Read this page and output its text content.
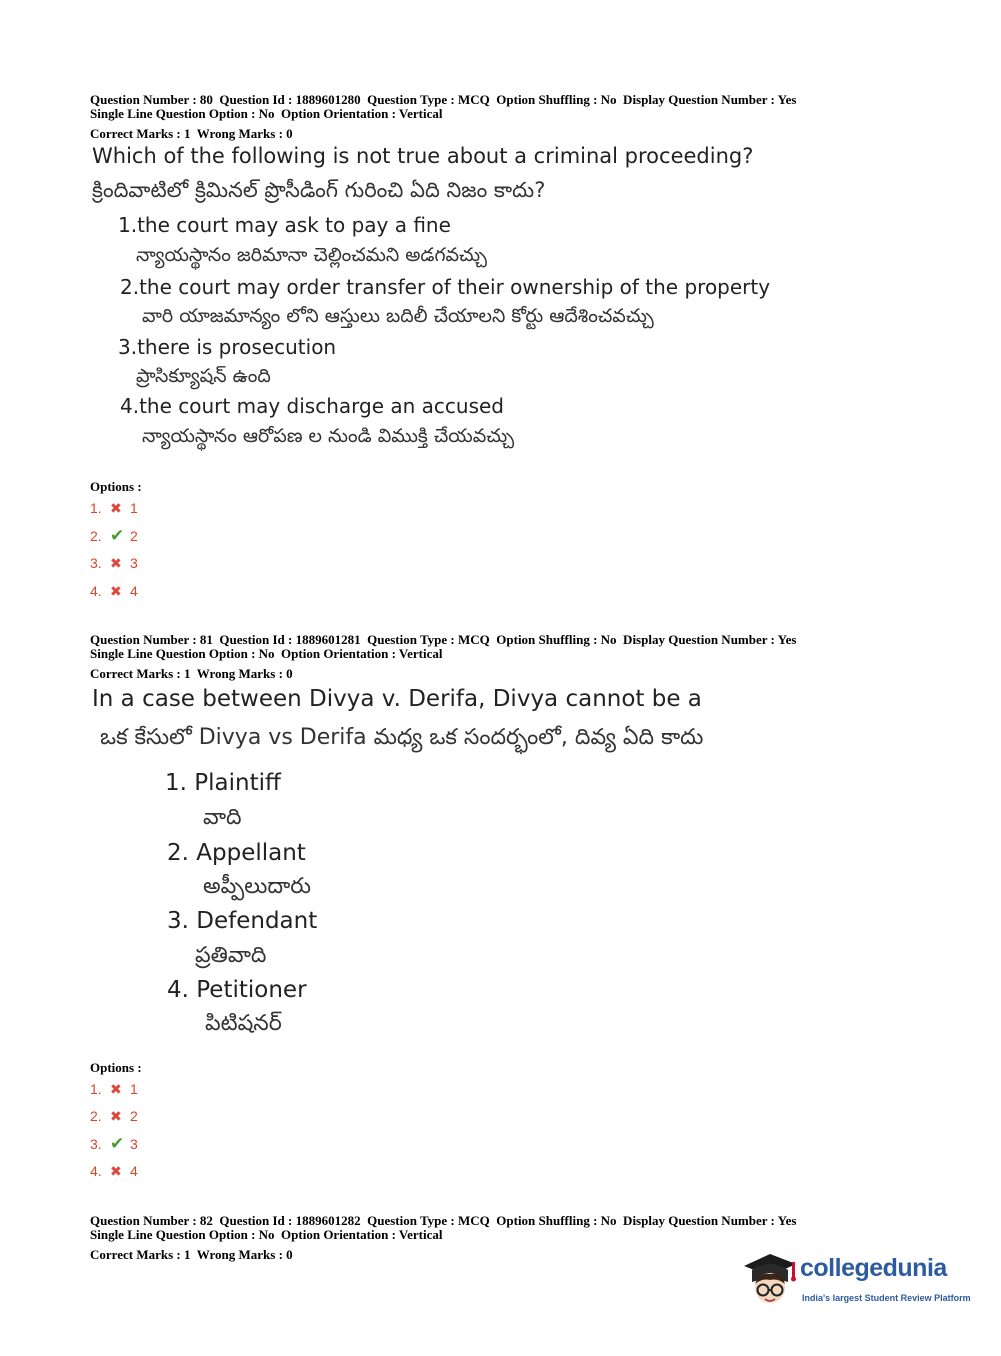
Question Number : 80  Question Id : 1889601280  Question Type : MCQ  Option Shuffling : No  Display Question Number : Yes
Single Line Question Option : No  Option Orientation : Vertical
Correct Marks : 1  Wrong Marks : 0
Which of the following is not true about a criminal proceeding?
క్రిందివాటిలో క్రిమినల్ ప్రొసీడింగ్ గురించి ఏది నిజం కాదు?
1.the court may ask to pay a fine
న్యాయస్థానం జరిమానా చెల్లించమని అడగవచ్చు
2.the court may order transfer of their ownership of the property
వారి యాజమాన్యం లోని ఆస్తులు బదిలీ చేయాలని కోర్టు ఆదేశించవచ్చు
3.there is prosecution
ప్రాసిక్యూషన్ ఉంది
4.the court may discharge an accused
న్యాయస్థానం ఆరోపణ ల నుండి విముక్తి చేయవచ్చు
Options :
1. ✖ 1
2. ✔ 2
3. ✖ 3
4. ✖ 4
Question Number : 81  Question Id : 1889601281  Question Type : MCQ  Option Shuffling : No  Display Question Number : Yes
Single Line Question Option : No  Option Orientation : Vertical
Correct Marks : 1  Wrong Marks : 0
In a case between Divya v. Derifa, Divya cannot be a
ఒక కేసులో Divya vs Derifa మధ్య ఒక సందర్భంలో, దివ్య ఏది కాదు
1. Plaintiff
వాది
2. Appellant
అప్పీలుదారు
3. Defendant
ప్రతివాది
4. Petitioner
పిటిషనర్
Options :
1. ✖ 1
2. ✖ 2
3. ✔ 3
4. ✖ 4
Question Number : 82  Question Id : 1889601282  Question Type : MCQ  Option Shuffling : No  Display Question Number : Yes
Single Line Question Option : No  Option Orientation : Vertical
Correct Marks : 1  Wrong Marks : 0	collegedunia
India's largest Student Review Platform
